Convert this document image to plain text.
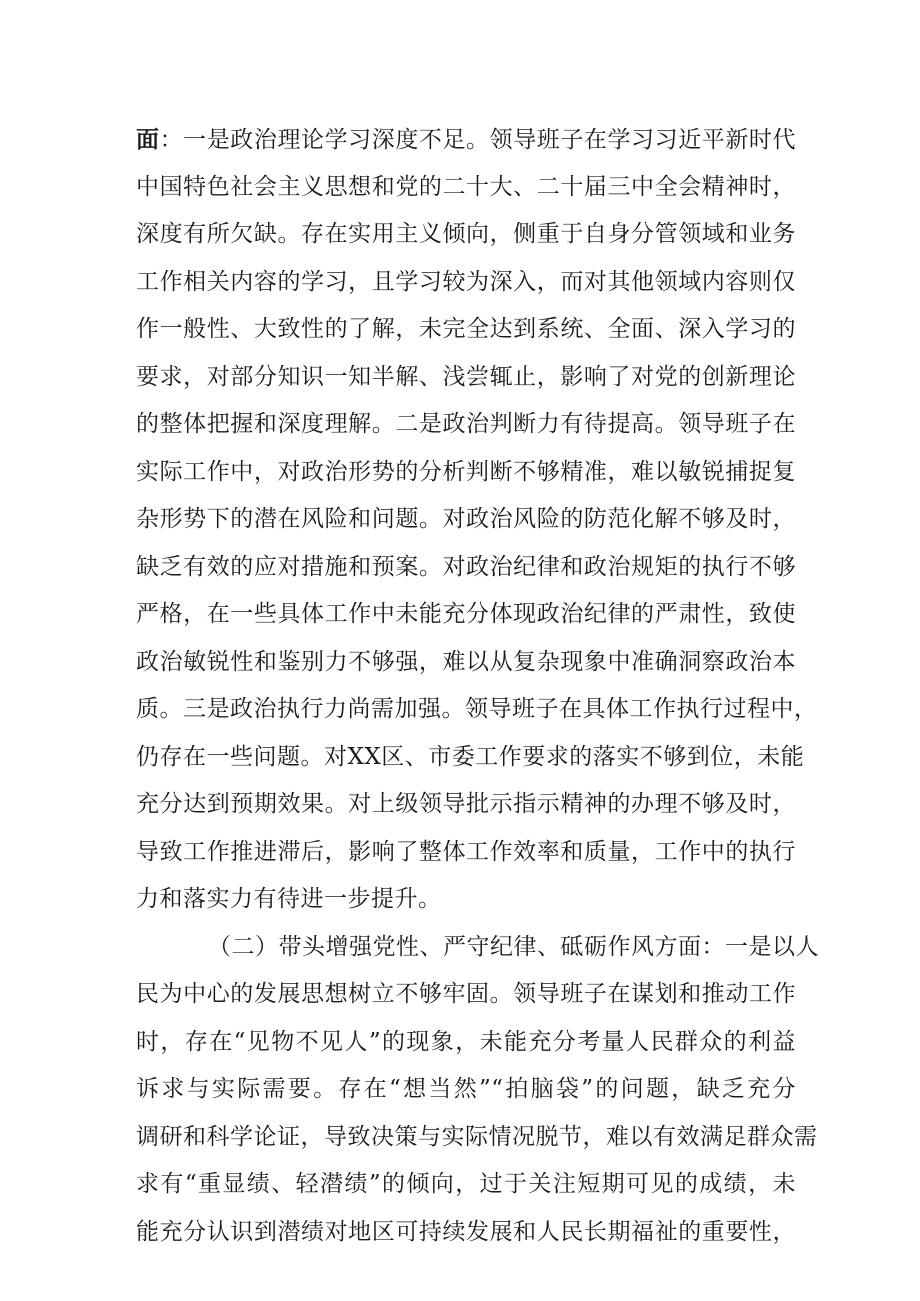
面：一是政治理论学习深度不足。领导班子在学习习近平新时代
中国特色社会主义思想和党的二十大、二十届三中全会精神时，
深度有所欠缺。存在实用主义倾向，侧重于自身分管领域和业务
工作相关内容的学习，且学习较为深入，而对其他领域内容则仅
作一般性、大致性的了解，未完全达到系统、全面、深入学习的
要求，对部分知识一知半解、浅尝辄止，影响了对党的创新理论
的整体把握和深度理解。二是政治判断力有待提高。领导班子在
实际工作中，对政治形势的分析判断不够精准，难以敏锐捕捉复
杂形势下的潜在风险和问题。对政治风险的防范化解不够及时，
缺乏有效的应对措施和预案。对政治纪律和政治规矩的执行不够
严格，在一些具体工作中未能充分体现政治纪律的严肃性，致使
政治敏锐性和鉴别力不够强，难以从复杂现象中准确洞察政治本
质。三是政治执行力尚需加强。领导班子在具体工作执行过程中，
仍存在一些问题。对XX区、市委工作要求的落实不够到位，未能
充分达到预期效果。对上级领导批示指示精神的办理不够及时，
导致工作推进滞后，影响了整体工作效率和质量，工作中的执行
力和落实力有待进一步提升。
（二）带头增强党性、严守纪律、砥砺作风方面：一是以人
民为中心的发展思想树立不够牢固。领导班子在谋划和推动工作
时，存在“见物不见人”的现象，未能充分考量人民群众的利益
诉求与实际需要。存在“想当然”“拍脑袋”的问题，缺乏充分
调研和科学论证，导致决策与实际情况脱节，难以有效满足群众需
求有“重显绩、轻潜绩”的倾向，过于关注短期可见的成绩，未
能充分认识到潜绩对地区可持续发展和人民长期福祉的重要性，
